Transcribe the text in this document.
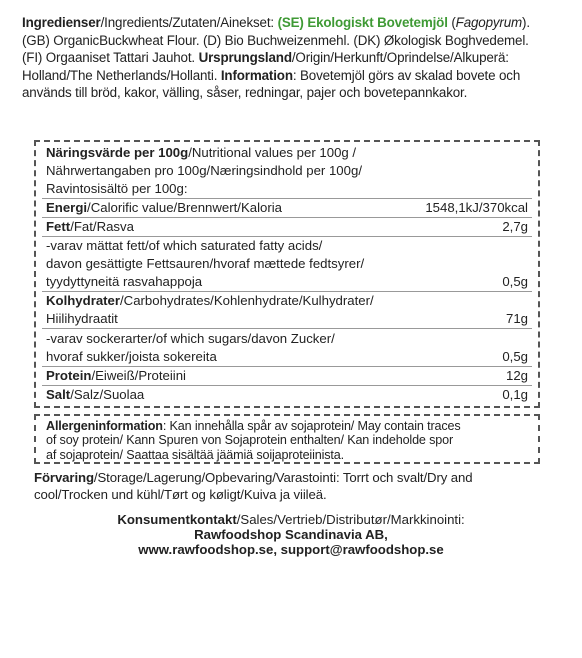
Ingredienser/Ingredients/Zutaten/Ainekset: (SE) Ekologiskt Bovetemjöl (Fagopyrum). (GB) OrganicBuckwheat Flour. (D) Bio Buchweizenmehl. (DK) Økologisk Boghvedemel. (FI) Orgaaniset Tattari Jauhot. Ursprungsland/Origin/Herkunft/Oprindelse/Alkuperä: Holland/The Netherlands/Hollanti. Information: Bovetemjöl görs av skalad bovete och används till bröd, kakor, välling, såser, redningar, pajer och bovetepannkakor.
Näringsvärde per 100g/Nutritional values per 100g /
Nährwertangaben pro 100g/Næringsindhold per 100g/
Ravintosisältö per 100g:
Energi/Calorific value/Brennwert/Kaloria	1548,1kJ/370kcal
Fett/Fat/Rasva	2,7g
-varav mättat fett/of which saturated fatty acids/
davon gesättigte Fettsauren/hvoraf mættede fedtsyrer/
tyydyttyneitä rasvahappoja	0,5g
Kolhydrater/Carbohydrates/Kohlenhydrate/Kulhydrater/
Hiilihydraatit	71g
-varav sockerarter/of which sugars/davon Zucker/
hvoraf sukker/joista sokereita	0,5g
Protein/Eiweiß/Proteiini	12g
Salt/Salz/Suolaa	0,1g
Allergeninformation: Kan innehålla spår av sojaprotein/ May contain traces
of soy protein/ Kann Spuren von Sojaprotein enthalten/ Kan indeholde spor
af sojaprotein/ Saattaa sisältää jäämiä soijaproteiinista.
Förvaring/Storage/Lagerung/Opbevaring/Varastointi: Torrt och svalt/Dry and
cool/Trocken und kühl/Tørt og køligt/Kuiva ja viileä.
Konsumentkontakt/Sales/Vertrieb/Distributør/Markkinointi:
Rawfoodshop Scandinavia AB,
www.rawfoodshop.se, support@rawfoodshop.se
